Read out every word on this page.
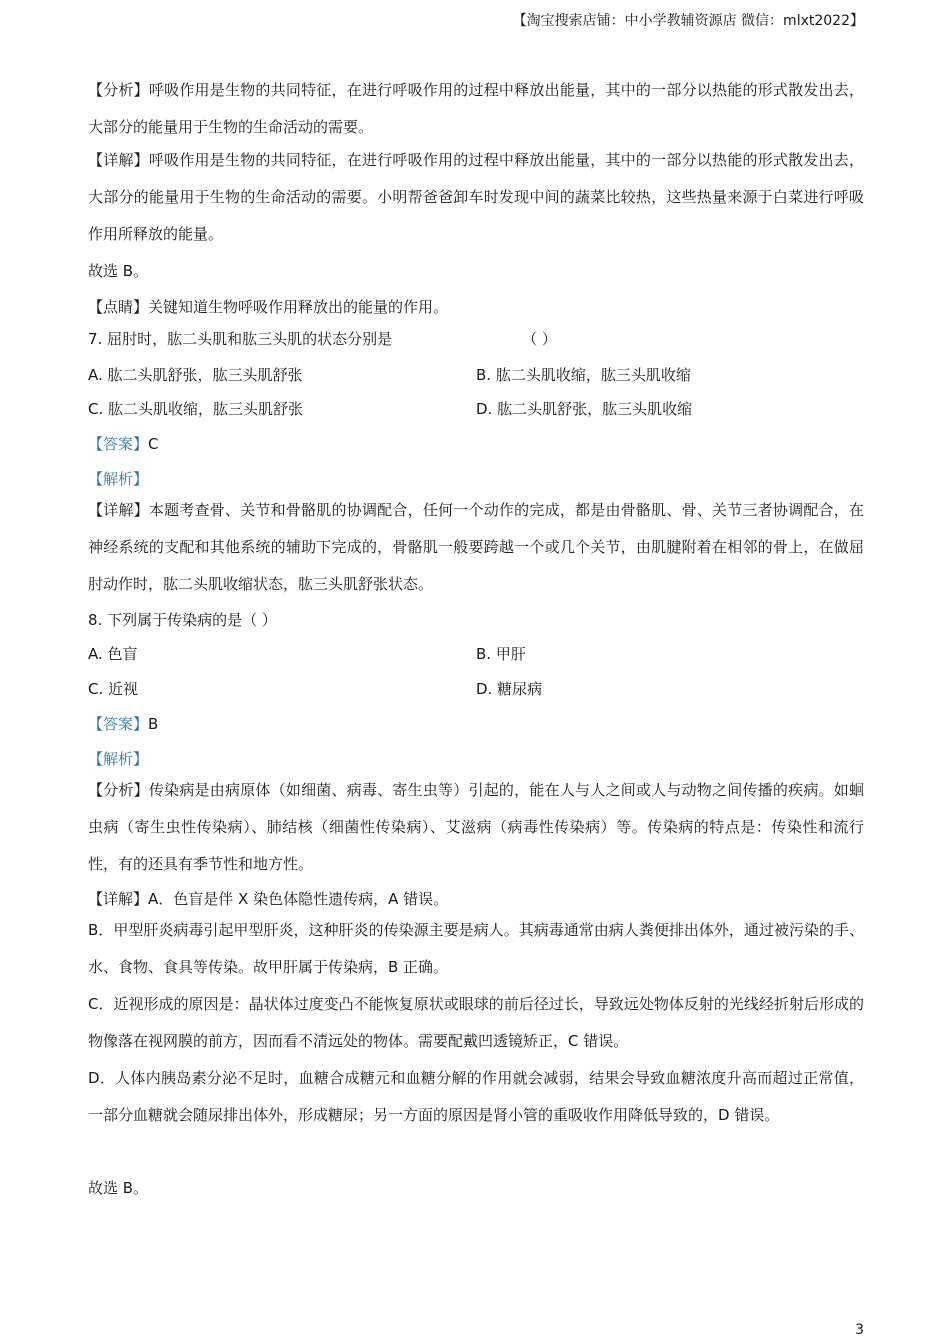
【淘宝搜索店铺：中小学教辅资源店 微信：mlxt2022】
【分析】呼吸作用是生物的共同特征，在进行呼吸作用的过程中释放出能量，其中的一部分以热能的形式散发出去，大部分的能量用于生物的生命活动的需要。
【详解】呼吸作用是生物的共同特征，在进行呼吸作用的过程中释放出能量，其中的一部分以热能的形式散发出去，大部分的能量用于生物的生命活动的需要。小明帮爸爸卸车时发现中间的蔬菜比较热，这些热量来源于白菜进行呼吸作用所释放的能量。
故选 B。
【点睛】关键知道生物呼吸作用释放出的能量的作用。
7. 屈肘时，肱二头肌和肱三头肌的状态分别是	（ ）
A. 肱二头肌舒张，肱三头肌舒张	B. 肱二头肌收缩，肱三头肌收缩
C. 肱二头肌收缩，肱三头肌舒张	D. 肱二头肌舒张，肱三头肌收缩
【答案】C
【解析】
【详解】本题考查骨、关节和骨骼肌的协调配合，任何一个动作的完成，都是由骨骼肌、骨、关节三者协调配合，在神经系统的支配和其他系统的辅助下完成的，骨骼肌一般要跨越一个或几个关节，由肌腱附着在相邻的骨上，在做屈肘动作时，肱二头肌收缩状态，肱三头肌舒张状态。
8. 下列属于传染病的是（ ）
A. 色盲	B. 甲肝
C. 近视	D. 糖尿病
【答案】B
【解析】
【分析】传染病是由病原体（如细菌、病毒、寄生虫等）引起的，能在人与人之间或人与动物之间传播的疾病。如蛔虫病（寄生虫性传染病）、肺结核（细菌性传染病）、艾滋病（病毒性传染病）等。传染病的特点是：传染性和流行性，有的还具有季节性和地方性。
【详解】A．色盲是伴 X 染色体隐性遗传病，A 错误。
B．甲型肝炎病毒引起甲型肝炎，这种肝炎的传染源主要是病人。其病毒通常由病人粪便排出体外，通过被污染的手、水、食物、食具等传染。故甲肝属于传染病，B 正确。
C．近视形成的原因是：晶状体过度变凸不能恢复原状或眼球的前后径过长，导致远处物体反射的光线经折射后形成的物像落在视网膜的前方，因而看不清远处的物体。需要配戴凹透镜矫正，C 错误。
D．人体内胰岛素分泌不足时，血糖合成糖元和血糖分解的作用就会减弱，结果会导致血糖浓度升高而超过正常值，一部分血糖就会随尿排出体外，形成糖尿；另一方面的原因是肾小管的重吸收作用降低导致的，D 错误。
故选 B。
3
